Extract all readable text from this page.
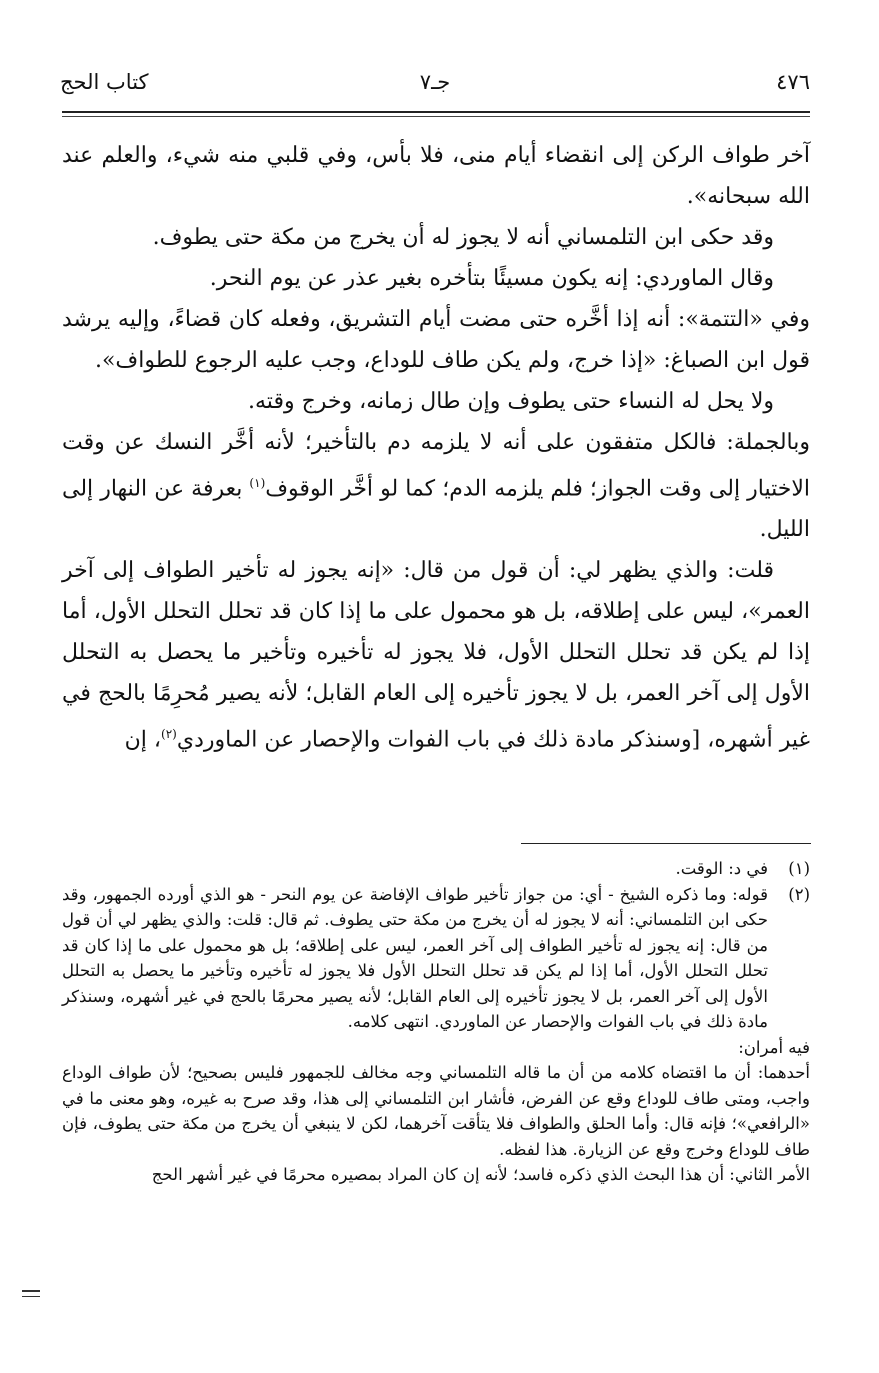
٤٧٦
جـ٧
كتاب الحج

آخر طواف الركن إلى انقضاء أيام منى، فلا بأس، وفي قلبي منه شيء، والعلم عند الله سبحانه».

وقد حكى ابن التلمساني أنه لا يجوز له أن يخرج من مكة حتى يطوف.

وقال الماوردي: إنه يكون مسيئًا بتأخره بغير عذر عن يوم النحر.

وفي «التتمة»: أنه إذا أخَّره حتى مضت أيام التشريق، وفعله كان قضاءً، وإليه يرشد قول ابن الصباغ: «إذا خرج، ولم يكن طاف للوداع، وجب عليه الرجوع للطواف».

ولا يحل له النساء حتى يطوف وإن طال زمانه، وخرج وقته.

وبالجملة: فالكل متفقون على أنه لا يلزمه دم بالتأخير؛ لأنه أخَّر النسك عن وقت الاختيار إلى وقت الجواز؛ فلم يلزمه الدم؛ كما لو أخَّر الوقوف$^{(١)}$ بعرفة عن النهار إلى الليل.

قلت: والذي يظهر لي: أن قول من قال: «إنه يجوز له تأخير الطواف إلى آخر العمر»، ليس على إطلاقه، بل هو محمول على ما إذا كان قد تحلل التحلل الأول، أما إذا لم يكن قد تحلل التحلل الأول، فلا يجوز له تأخيره وتأخير ما يحصل به التحلل الأول إلى آخر العمر، بل لا يجوز تأخيره إلى العام القابل؛ لأنه يصير مُحرِمًا بالحج في غير أشهره، [وسنذكر مادة ذلك في باب الفوات والإحصار عن الماوردي$^{(٢)}$، إن

(١)
في د: الوقت.
(٢)
قوله: وما ذكره الشيخ - أي: من جواز تأخير طواف الإفاضة عن يوم النحر - هو الذي أورده الجمهور، وقد حكى ابن التلمساني: أنه لا يجوز له أن يخرج من مكة حتى يطوف. ثم قال: قلت: والذي يظهر لي أن قول من قال: إنه يجوز له تأخير الطواف إلى آخر العمر، ليس على إطلاقه؛ بل هو محمول على ما إذا كان قد تحلل التحلل الأول، أما إذا لم يكن قد تحلل التحلل الأول فلا يجوز له تأخيره وتأخير ما يحصل به التحلل الأول إلى آخر العمر، بل لا يجوز تأخيره إلى العام القابل؛ لأنه يصير محرمًا بالحج في غير أشهره، وسنذكر مادة ذلك في باب الفوات والإحصار عن الماوردي. انتهى كلامه.

فيه أمران:

أحدهما: أن ما اقتضاه كلامه من أن ما قاله التلمساني وجه مخالف للجمهور فليس بصحيح؛ لأن طواف الوداع واجب، ومتى طاف للوداع وقع عن الفرض، فأشار ابن التلمساني إلى هذا، وقد صرح به غيره، وهو معنى ما في «الرافعي»؛ فإنه قال: وأما الحلق والطواف فلا يتأقت آخرهما، لكن لا ينبغي أن يخرج من مكة حتى يطوف، فإن طاف للوداع وخرج وقع عن الزيارة. هذا لفظه.

الأمر الثاني: أن هذا البحث الذي ذكره فاسد؛ لأنه إن كان المراد بمصيره محرمًا في غير أشهر الحج
